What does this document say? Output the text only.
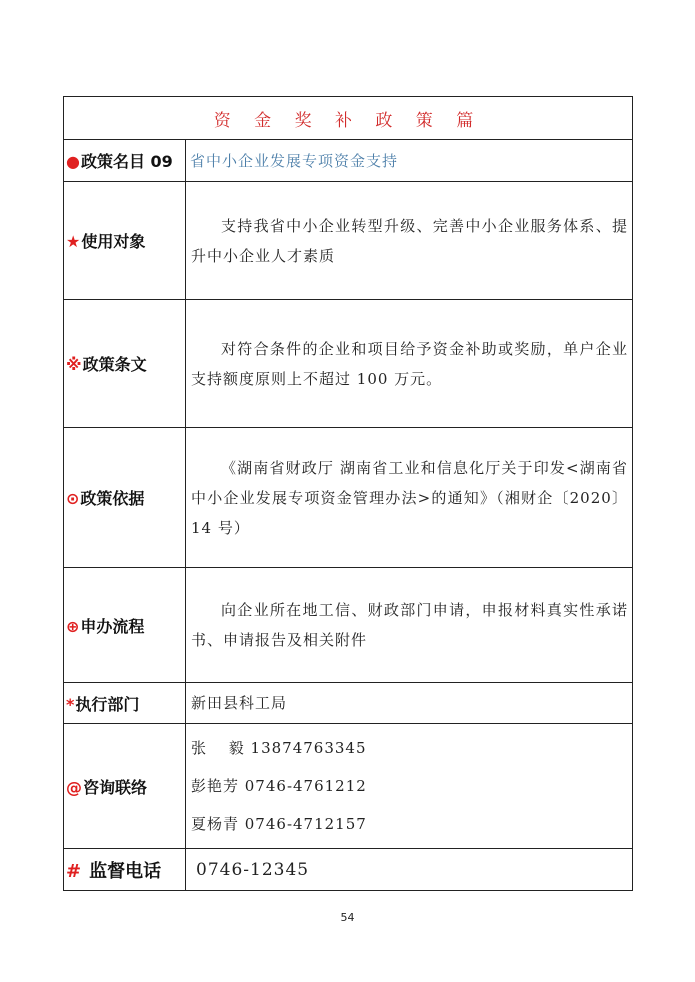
资 金 奖 补 政 策 篇	
●政策名目 09	省中小企业发展专项资金支持
★使用对象	支持我省中小企业转型升级、完善中小企业服务体系、提升中小企业人才素质

※政策条文	对符合条件的企业和项目给予资金补助或奖励，单户企业支持额度原则上不超过 100 万元。

⊙政策依据	《湖南省财政厅 湖南省工业和信息化厅关于印发<湖南省中小企业发展专项资金管理办法>的通知》（湘财企〔2020〕14 号）

⊕申办流程	向企业所在地工信、财政部门申请，申报材料真实性承诺书、申请报告及相关附件

*执行部门	新田县科工局
@咨询联络	张　 毅 13874763345
彭艳芳 0746-4761212
夏杨青 0746-4712157

# 监督电话	0746-12345
54
